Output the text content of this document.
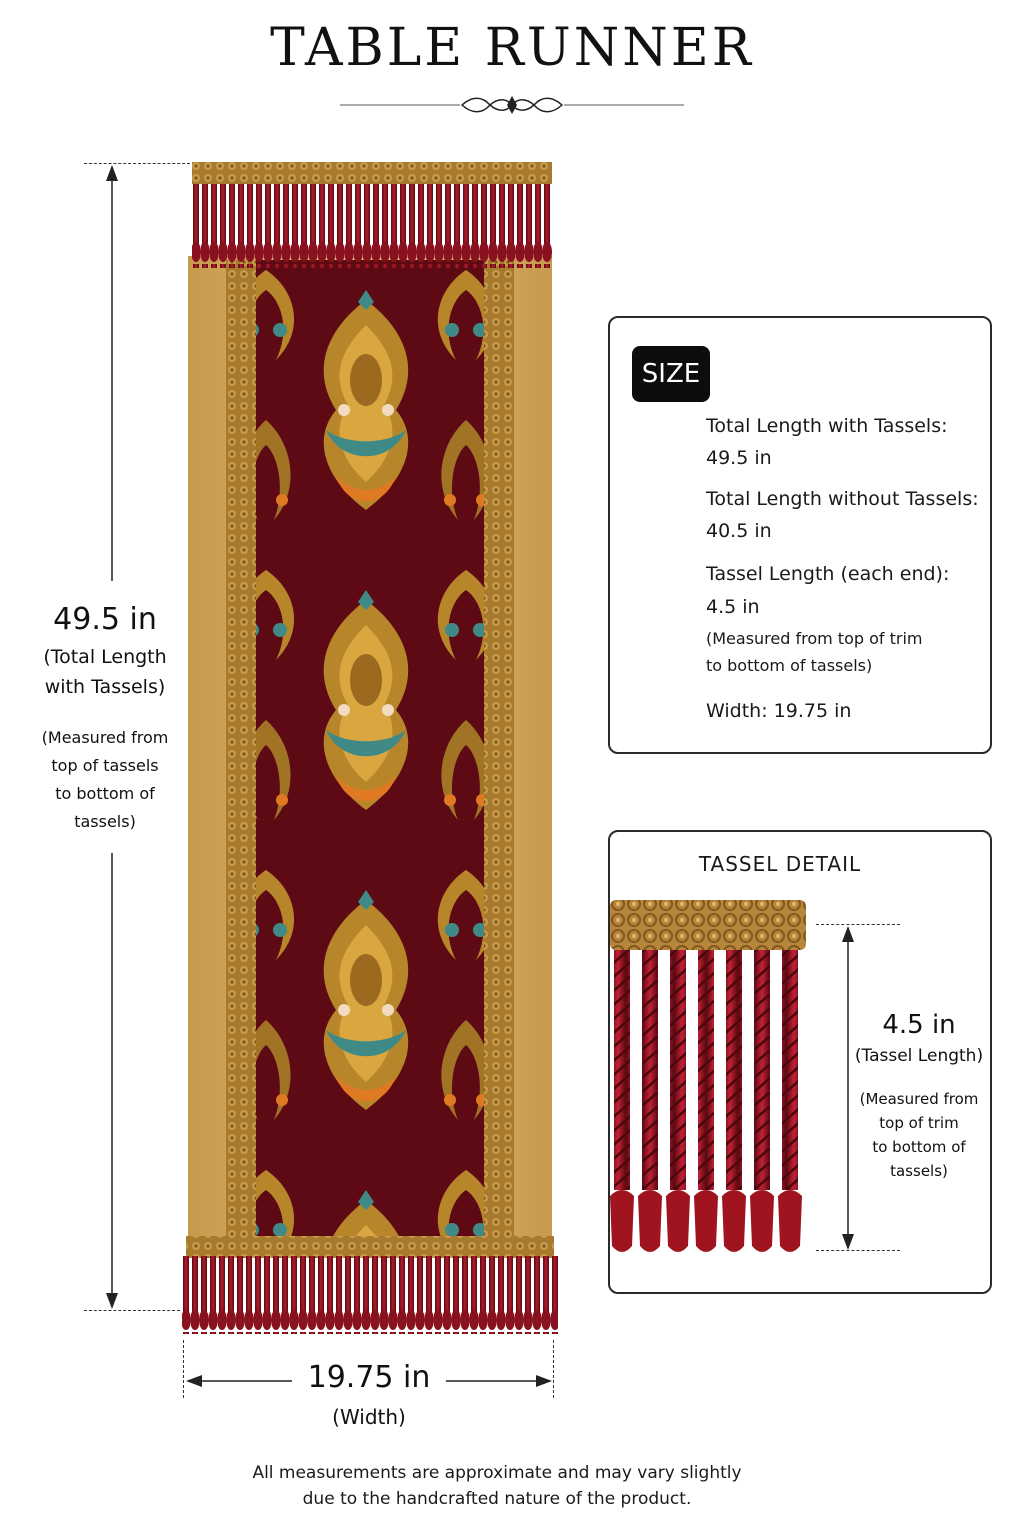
TABLE RUNNER
49.5 in
(Total Length
with Tassels)
(Measured from
top of tassels
to bottom of
tassels)
19.75 in
(Width)
SIZE
Total Length with Tassels:
49.5 in
Total Length without Tassels:
40.5 in
Tassel Length (each end):
4.5 in
(Measured from top of trim
to bottom of tassels)
Width: 19.75 in
TASSEL DETAIL
4.5 in
(Tassel Length)
(Measured from
top of trim
to bottom of
tassels)
All measurements are approximate and may vary slightly
due to the handcrafted nature of the product.
